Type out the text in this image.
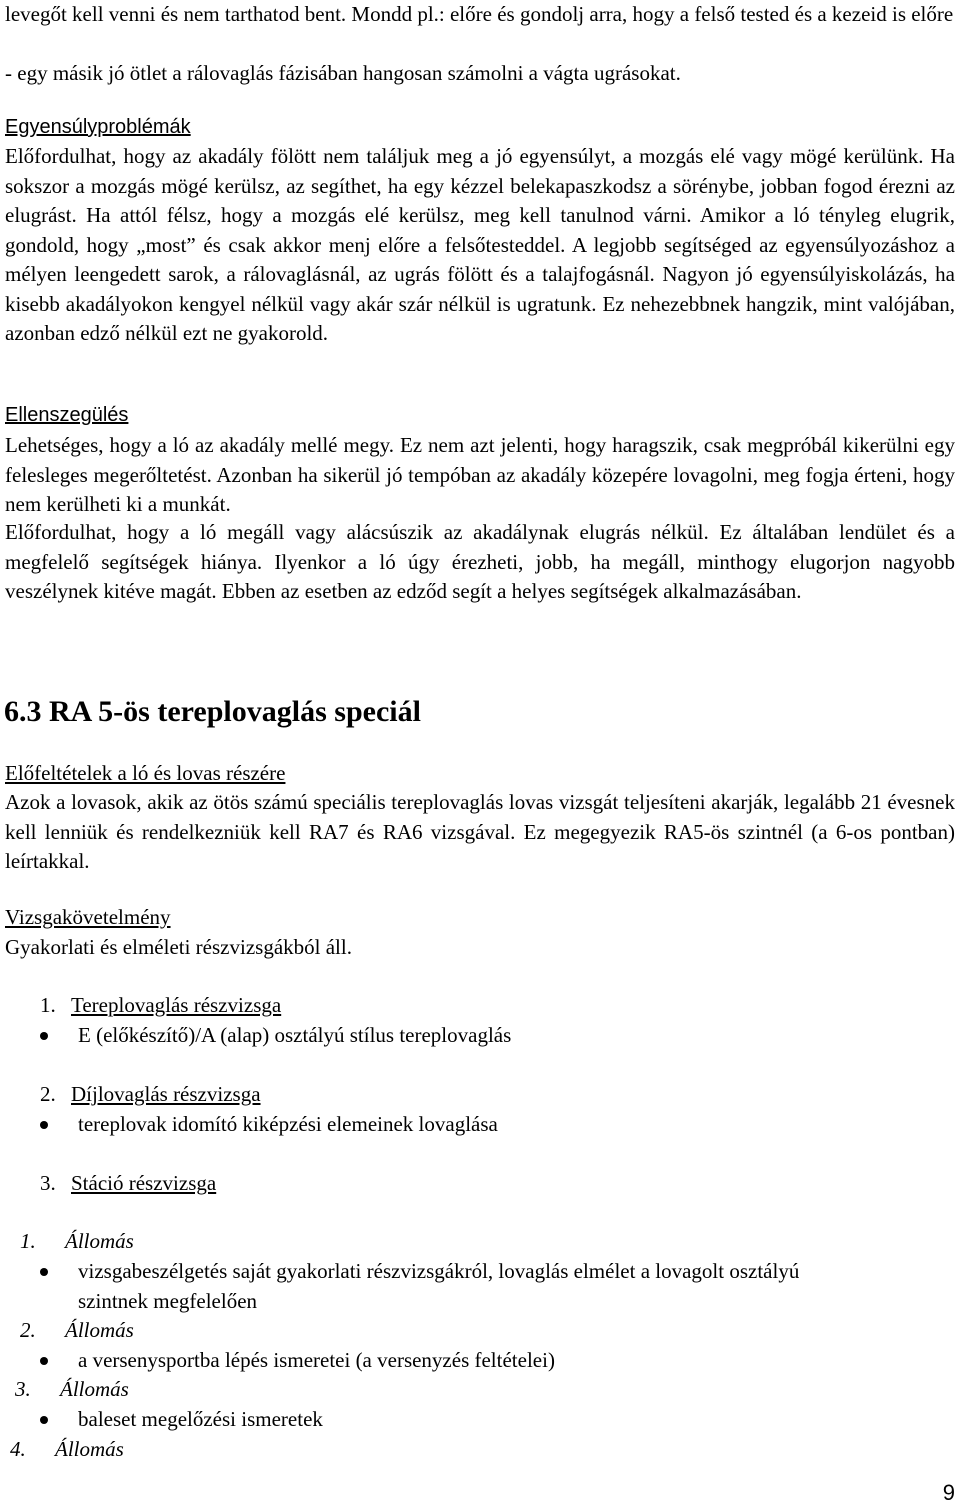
levegőt kell venni és nem tarthatod bent. Mondd pl.: előre és gondolj arra, hogy a felső tested és a kezeid is előre

- egy másik jó ötlet a rálovaglás fázisában hangosan számolni a vágta ugrásokat.

Egyensúlyproblémák

Előfordulhat, hogy az akadály fölött nem találjuk meg a jó egyensúlyt, a mozgás elé vagy mögé kerülünk. Ha sokszor a mozgás mögé kerülsz, az segíthet, ha egy kézzel belekapaszkodsz a sörénybe, jobban fogod érezni az elugrást. Ha attól félsz, hogy a mozgás elé kerülsz, meg kell tanulnod várni. Amikor a ló tényleg elugrik, gondold, hogy „most” és csak akkor menj előre a felsőtesteddel. A legjobb segítséged az egyensúlyozáshoz a mélyen leengedett sarok, a rálovaglásnál, az ugrás fölött és a talajfogásnál. Nagyon jó egyensúlyiskolázás, ha kisebb akadályokon kengyel nélkül vagy akár szár nélkül is ugratunk. Ez nehezebbnek hangzik, mint valójában, azonban edző nélkül ezt ne gyakorold.

Ellenszegülés

Lehetséges, hogy a ló az akadály mellé megy. Ez nem azt jelenti, hogy haragszik, csak megpróbál kikerülni egy felesleges megerőltetést. Azonban ha sikerül jó tempóban az akadály közepére lovagolni, meg fogja érteni, hogy nem kerülheti ki a munkát.

Előfordulhat, hogy a ló megáll vagy alácsúszik az akadálynak elugrás nélkül. Ez általában lendület és a megfelelő segítségek hiánya. Ilyenkor a ló úgy érezheti, jobb, ha megáll, minthogy elugorjon nagyobb veszélynek kitéve magát. Ebben az esetben az edződ segít a helyes segítségek alkalmazásában.

6.3 RA 5-ös tereplovaglás speciál

Előfeltételek a ló és lovas részére

Azok a lovasok, akik az ötös számú speciális tereplovaglás lovas vizsgát teljesíteni akarják, legalább 21 évesnek kell lenniük és rendelkezniük kell RA7 és RA6 vizsgával. Ez megegyezik RA5-ös szintnél (a 6-os pontban) leírtakkal.

Vizsgakövetelmény

Gyakorlati és elméleti részvizsgákból áll.

1. Tereplovaglás részvizsga

E (előkészítő)/A (alap) osztályú stílus tereplovaglás

2. Díjlovaglás részvizsga

tereplovak idomító kiképzési elemeinek lovaglása

3. Stáció részvizsga

1. Állomás

vizsgabeszélgetés saját gyakorlati részvizsgákról, lovaglás elmélet a lovagolt osztályú

szintnek megfelelően

2. Állomás

a versenysportba lépés ismeretei (a versenyzés feltételei)

3. Állomás

baleset megelőzési ismeretek

4. Állomás

9
